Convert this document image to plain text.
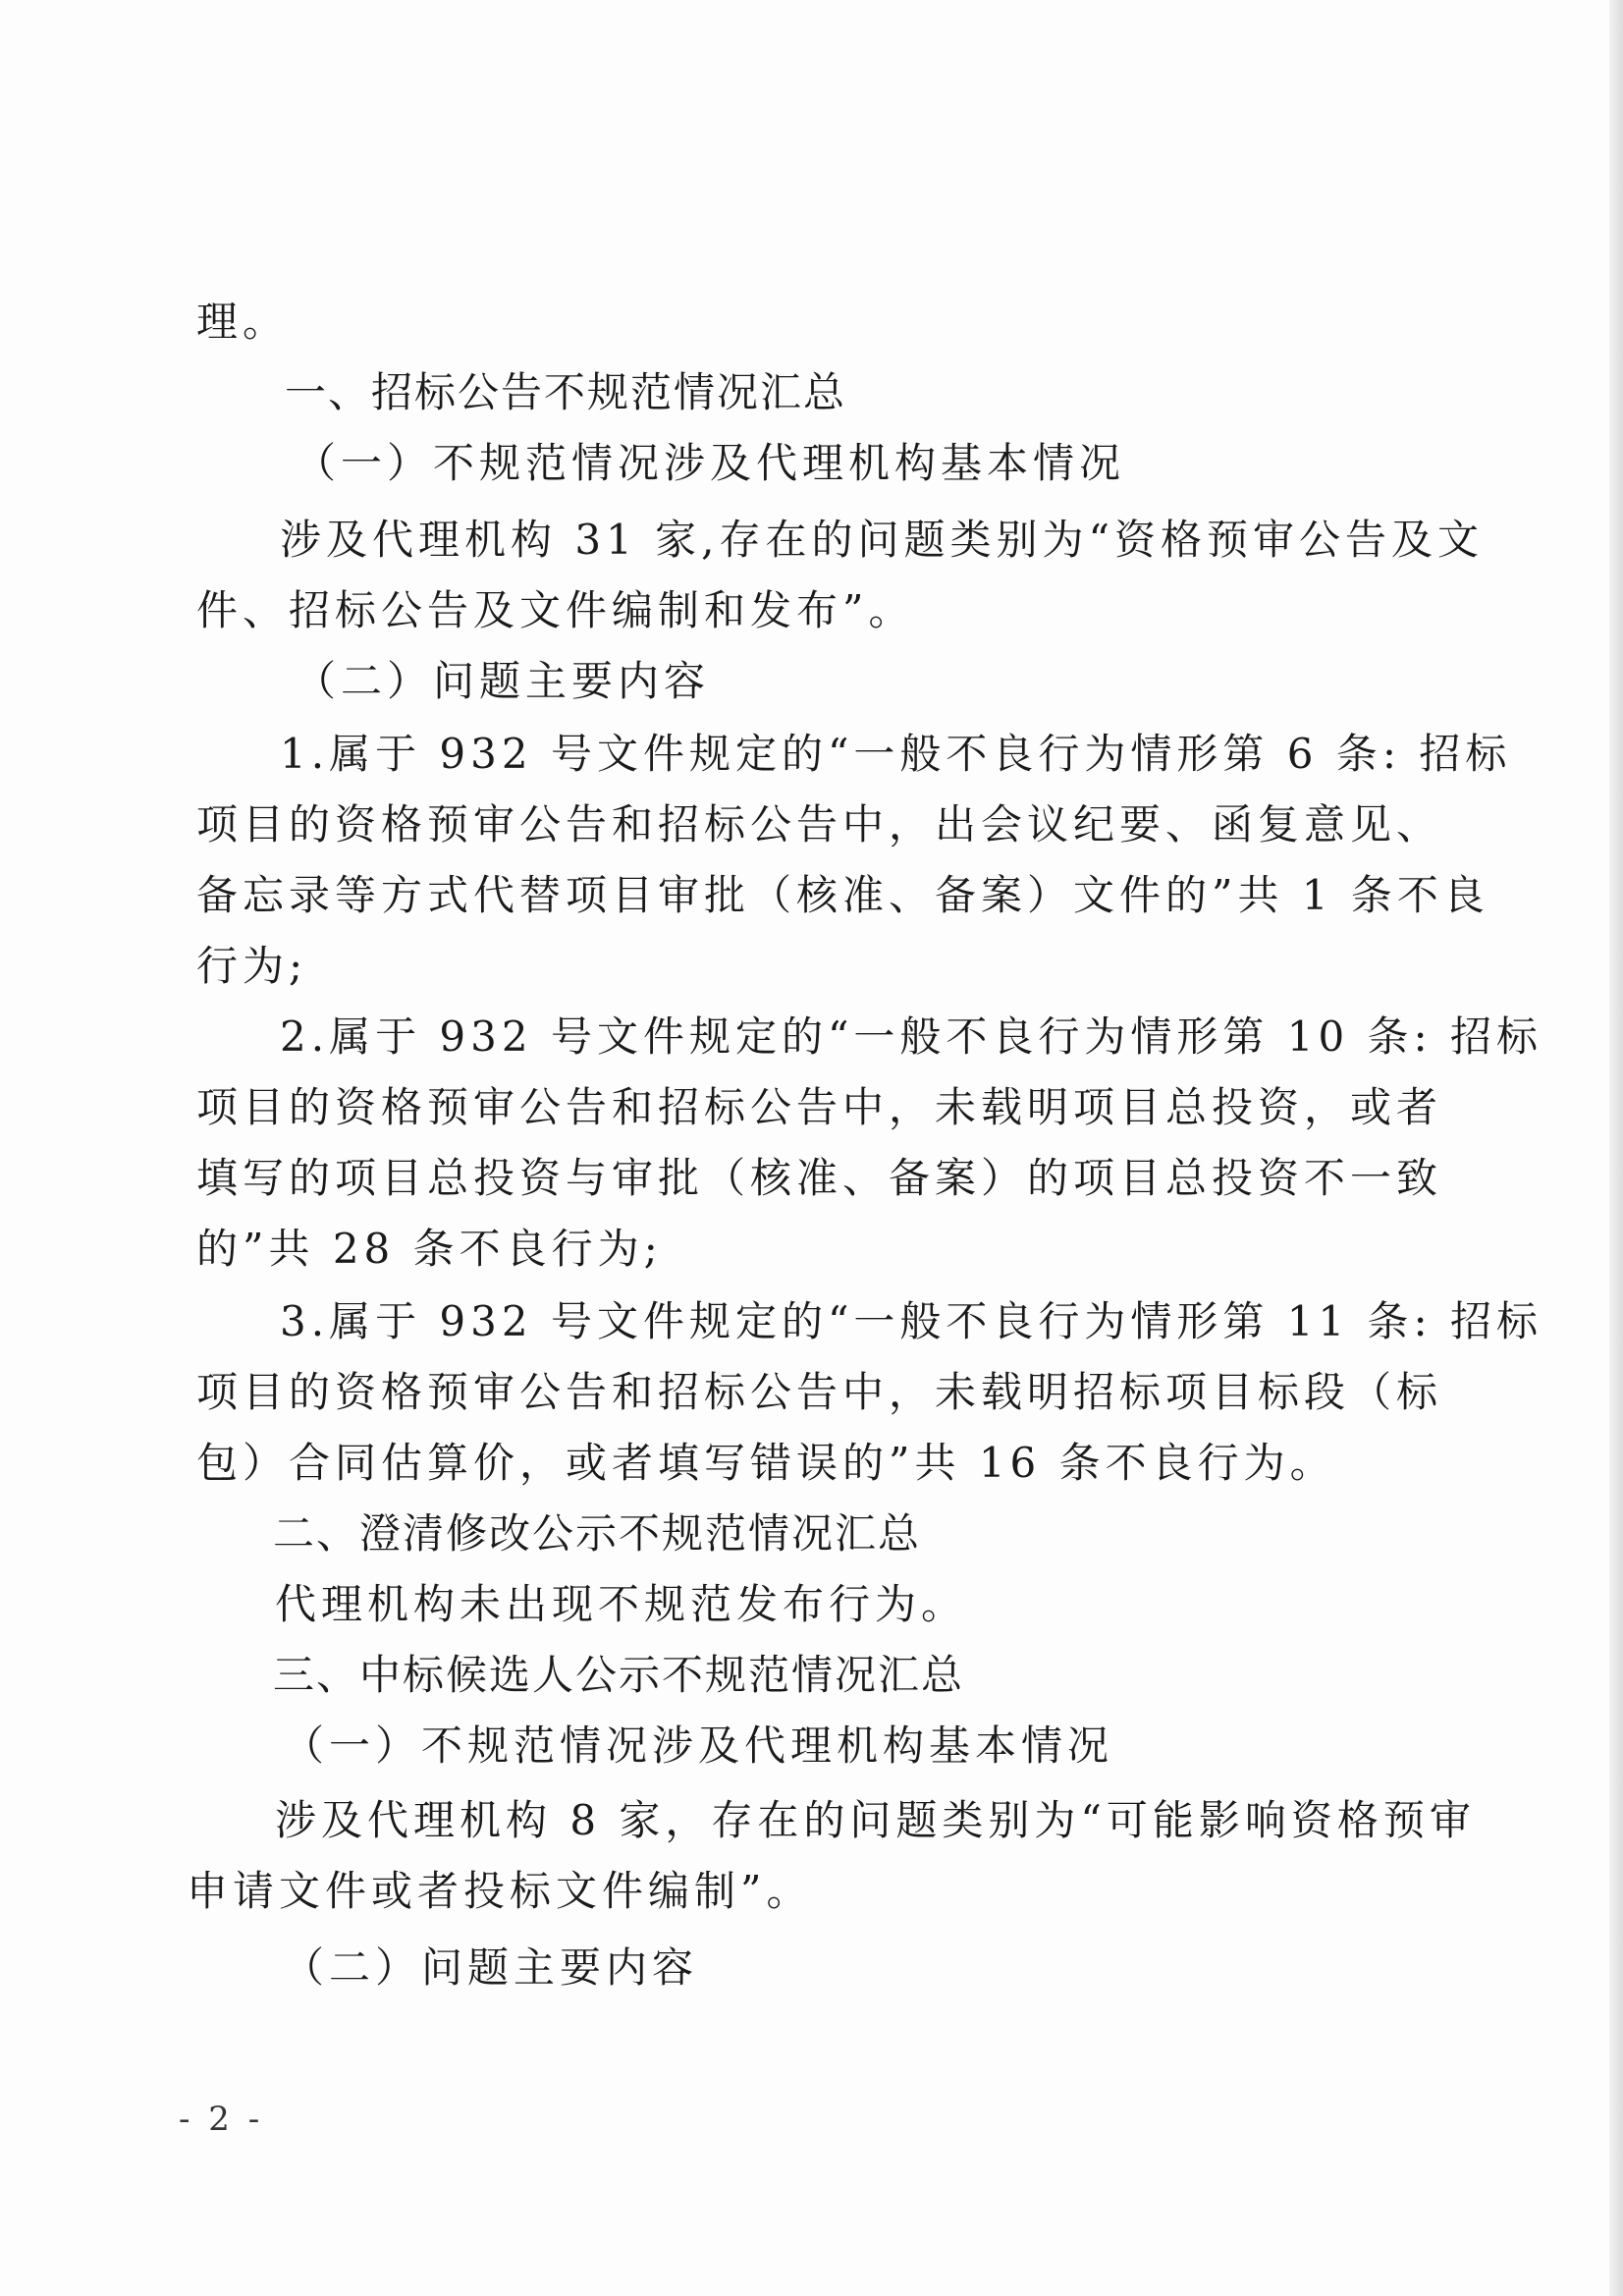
理。
一、招标公告不规范情况汇总
（一）不规范情况涉及代理机构基本情况
涉及代理机构 31 家,存在的问题类别为“资格预审公告及文
件、招标公告及文件编制和发布”。
（二）问题主要内容
1.属于 932 号文件规定的“一般不良行为情形第 6 条: 招标
项目的资格预审公告和招标公告中，出会议纪要、函复意见、
备忘录等方式代替项目审批（核准、备案）文件的”共 1 条不良
行为;
2.属于 932 号文件规定的“一般不良行为情形第 10 条: 招标
项目的资格预审公告和招标公告中，未载明项目总投资，或者
填写的项目总投资与审批（核准、备案）的项目总投资不一致
的”共 28 条不良行为;
3.属于 932 号文件规定的“一般不良行为情形第 11 条: 招标
项目的资格预审公告和招标公告中，未载明招标项目标段（标
包）合同估算价，或者填写错误的”共 16 条不良行为。
二、澄清修改公示不规范情况汇总
代理机构未出现不规范发布行为。
三、中标候选人公示不规范情况汇总
（一）不规范情况涉及代理机构基本情况
涉及代理机构 8 家，存在的问题类别为“可能影响资格预审
申请文件或者投标文件编制”。
（二）问题主要内容
- 2 -
